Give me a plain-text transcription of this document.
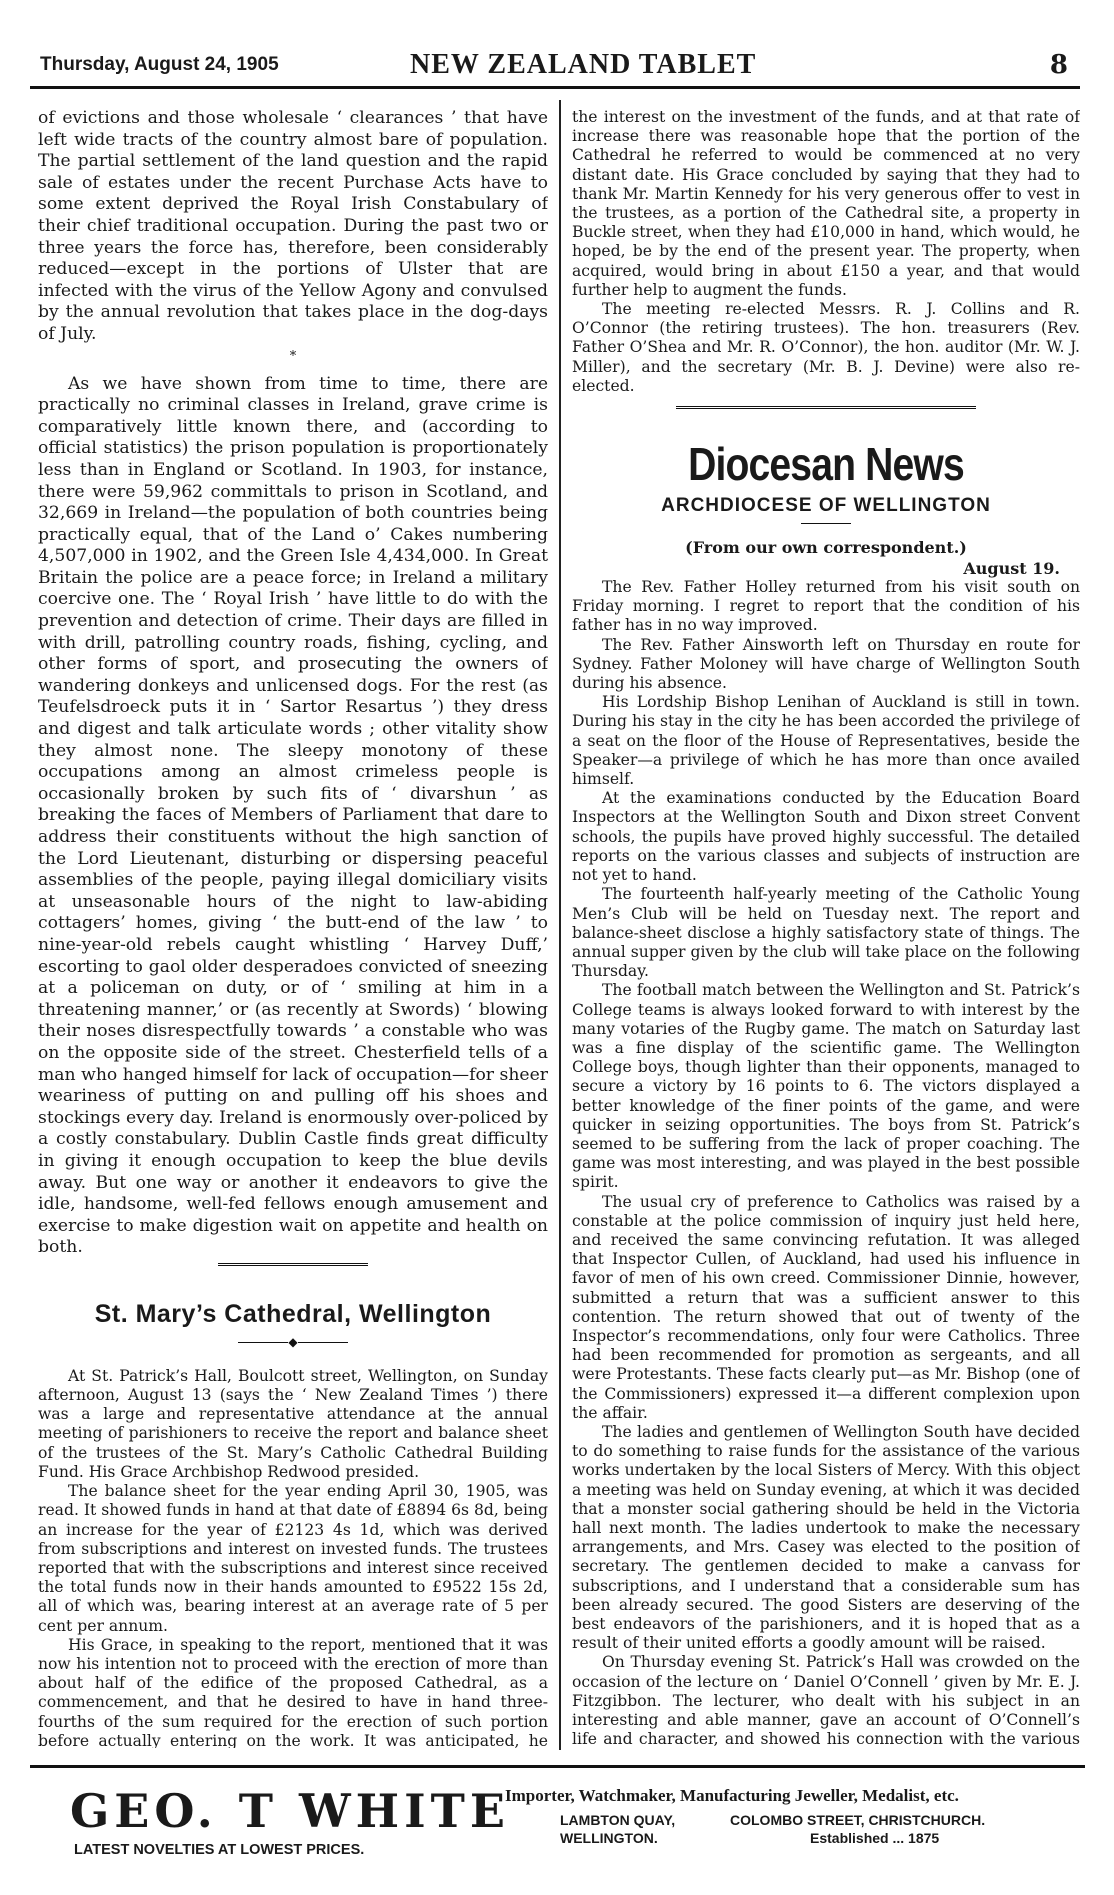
Thursday, August 24, 1905	NEW ZEALAND TABLET	8

of evictions and those wholesale ‘ clearances ’ that have left wide tracts of the country almost bare of population. The partial settlement of the land question and the rapid sale of estates under the recent Purchase Acts have to some extent deprived the Royal Irish Constabulary of their chief traditional occupation. During the past two or three years the force has, therefore, been considerably reduced—except in the portions of Ulster that are infected with the virus of the Yellow Agony and convulsed by the annual revolution that takes place in the dog-days of July.

*

As we have shown from time to time, there are practically no criminal classes in Ireland, grave crime is comparatively little known there, and (according to official statistics) the prison population is proportionately less than in England or Scotland. In 1903, for instance, there were 59,962 committals to prison in Scotland, and 32,669 in Ireland—the population of both countries being practically equal, that of the Land o’ Cakes numbering 4,507,000 in 1902, and the Green Isle 4,434,000. In Great Britain the police are a peace force; in Ireland a military coercive one. The ‘ Royal Irish ’ have little to do with the prevention and detection of crime. Their days are filled in with drill, patrolling country roads, fishing, cycling, and other forms of sport, and prosecuting the owners of wandering donkeys and unlicensed dogs. For the rest (as Teufelsdroeck puts it in ‘ Sartor Resartus ’) they dress and digest and talk articulate words ; other vitality show they almost none. The sleepy monotony of these occupations among an almost crimeless people is occasionally broken by such fits of ‘ divarshun ’ as breaking the faces of Members of Parliament that dare to address their constituents without the high sanction of the Lord Lieutenant, disturbing or dispersing peaceful assemblies of the people, paying illegal domiciliary visits at unseasonable hours of the night to law-abiding cottagers’ homes, giving ‘ the butt-end of the law ’ to nine-year-old rebels caught whistling ‘ Harvey Duff,’ escorting to gaol older desperadoes convicted of sneezing at a policeman on duty, or of ‘ smiling at him in a threatening manner,’ or (as recently at Swords) ‘ blowing their noses disrespectfully towards ’ a constable who was on the opposite side of the street. Chesterfield tells of a man who hanged himself for lack of occupation—for sheer weariness of putting on and pulling off his shoes and stockings every day. Ireland is enormously over-policed by a costly constabulary. Dublin Castle finds great difficulty in giving it enough occupation to keep the blue devils away. But one way or another it endeavors to give the idle, handsome, well-fed fellows enough amusement and exercise to make digestion wait on appetite and health on both.

St. Mary’s Cathedral, Wellington
◆

At St. Patrick’s Hall, Boulcott street, Wellington, on Sunday afternoon, August 13 (says the ‘ New Zealand Times ’) there was a large and representative attendance at the annual meeting of parishioners to receive the report and balance sheet of the trustees of the St. Mary’s Catholic Cathedral Building Fund. His Grace Archbishop Redwood presided.

The balance sheet for the year ending April 30, 1905, was read. It showed funds in hand at that date of £8894 6s 8d, being an increase for the year of £2123 4s 1d, which was derived from subscriptions and interest on invested funds. The trustees reported that with the subscriptions and interest since received the total funds now in their hands amounted to £9522 15s 2d, all of which was, bearing interest at an average rate of 5 per cent per annum.

His Grace, in speaking to the report, mentioned that it was now his intention not to proceed with the erection of more than about half of the edifice of the proposed Cathedral, as a commencement, and that he desired to have in hand three-fourths of the sum required for the erection of such portion before actually entering on the work. It was anticipated, he

the interest on the investment of the funds, and at that rate of increase there was reasonable hope that the portion of the Cathedral he referred to would be commenced at no very distant date. His Grace concluded by saying that they had to thank Mr. Martin Kennedy for his very generous offer to vest in the trustees, as a portion of the Cathedral site, a property in Buckle street, when they had £10,000 in hand, which would, he hoped, be by the end of the present year. The property, when acquired, would bring in about £150 a year, and that would further help to augment the funds.

The meeting re-elected Messrs. R. J. Collins and R. O’Connor (the retiring trustees). The hon. treasurers (Rev. Father O’Shea and Mr. R. O’Connor), the hon. auditor (Mr. W. J. Miller), and the secretary (Mr. B. J. Devine) were also re-elected.

Diocesan News
ARCHDIOCESE OF WELLINGTON
(From our own correspondent.)
August 19.

The Rev. Father Holley returned from his visit south on Friday morning. I regret to report that the condition of his father has in no way improved.

The Rev. Father Ainsworth left on Thursday en route for Sydney. Father Moloney will have charge of Wellington South during his absence.

His Lordship Bishop Lenihan of Auckland is still in town. During his stay in the city he has been accorded the privilege of a seat on the floor of the House of Representatives, beside the Speaker—a privilege of which he has more than once availed himself.

At the examinations conducted by the Education Board Inspectors at the Wellington South and Dixon street Convent schools, the pupils have proved highly successful. The detailed reports on the various classes and subjects of instruction are not yet to hand.

The fourteenth half-yearly meeting of the Catholic Young Men’s Club will be held on Tuesday next. The report and balance-sheet disclose a highly satisfactory state of things. The annual supper given by the club will take place on the following Thursday.

The football match between the Wellington and St. Patrick’s College teams is always looked forward to with interest by the many votaries of the Rugby game. The match on Saturday last was a fine display of the scientific game. The Wellington College boys, though lighter than their opponents, managed to secure a victory by 16 points to 6. The victors displayed a better knowledge of the finer points of the game, and were quicker in seizing opportunities. The boys from St. Patrick’s seemed to be suffering from the lack of proper coaching. The game was most interesting, and was played in the best possible spirit.

The usual cry of preference to Catholics was raised by a constable at the police commission of inquiry just held here, and received the same convincing refutation. It was alleged that Inspector Cullen, of Auckland, had used his influence in favor of men of his own creed. Commissioner Dinnie, however, submitted a return that was a sufficient answer to this contention. The return showed that out of twenty of the Inspector’s recommendations, only four were Catholics. Three had been recommended for promotion as sergeants, and all were Protestants. These facts clearly put—as Mr. Bishop (one of the Commissioners) expressed it—a different complexion upon the affair.

The ladies and gentlemen of Wellington South have decided to do something to raise funds for the assistance of the various works undertaken by the local Sisters of Mercy. With this object a meeting was held on Sunday evening, at which it was decided that a monster social gathering should be held in the Victoria hall next month. The ladies undertook to make the necessary arrangements, and Mrs. Casey was elected to the position of secretary. The gentlemen decided to make a canvass for subscriptions, and I understand that a considerable sum has been already secured. The good Sisters are deserving of the best endeavors of the parishioners, and it is hoped that as a result of their united efforts a goodly amount will be raised.

On Thursday evening St. Patrick’s Hall was crowded on the occasion of the lecture on ‘ Daniel O’Connell ’ given by Mr. E. J. Fitzgibbon. The lecturer, who dealt with his subject in an interesting and able manner, gave an account of O’Connell’s life and character, and showed his connection with the various

GEO. T WHITE
LATEST NOVELTIES AT LOWEST PRICES.
Importer, Watchmaker, Manufacturing Jeweller, Medalist, etc.
LAMBTON QUAY,
WELLINGTON.
COLOMBO STREET, CHRISTCHURCH.
Established ... 1875
